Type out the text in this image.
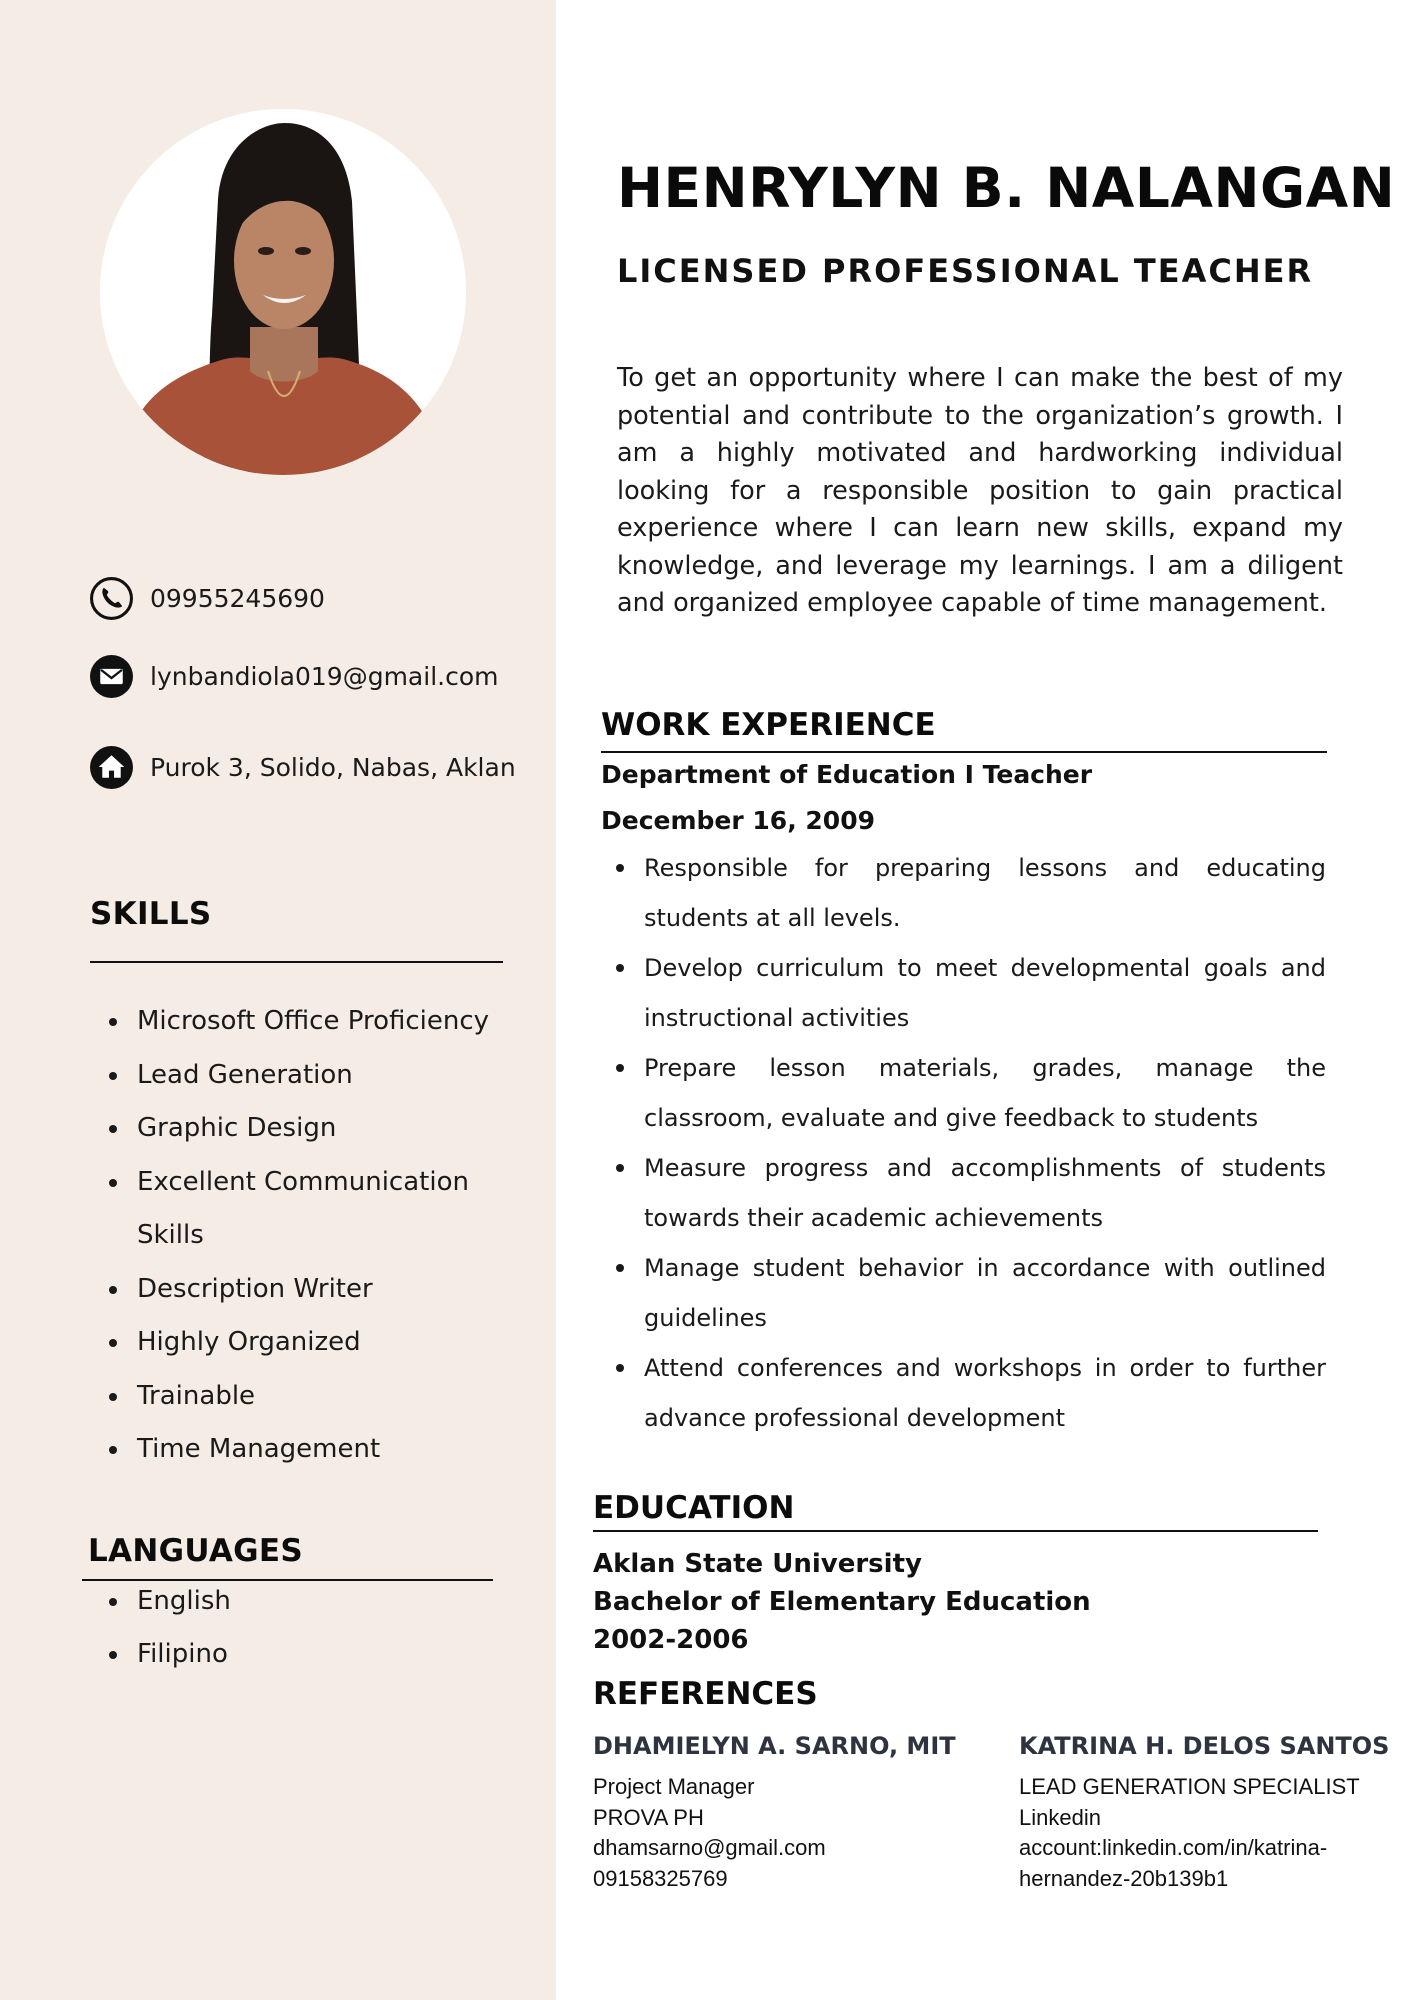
09955245690
lynbandiola019@gmail.com
Purok 3, Solido, Nabas, Aklan
SKILLS
Microsoft Office Proficiency
Lead Generation
Graphic Design
Excellent Communication Skills
Description Writer
Highly Organized
Trainable
Time Management
LANGUAGES
English
Filipino
HENRYLYN B. NALANGAN
LICENSED PROFESSIONAL TEACHER

To get an opportunity where I can make the best of my potential and contribute to the organization’s growth. I am a highly motivated and hardworking individual looking for a responsible position to gain practical experience where I can learn new skills, expand my knowledge, and leverage my learnings. I am a diligent and organized employee capable of time management.

WORK EXPERIENCE
Department of Education I Teacher
December 16, 2009
Responsible for preparing lessons and educating students at all levels.
Develop curriculum to meet developmental goals and instructional activities
Prepare lesson materials, grades, manage the classroom, evaluate and give feedback to students
Measure progress and accomplishments of students towards their academic achievements
Manage student behavior in accordance with outlined guidelines
Attend conferences and workshops in order to further advance professional development
EDUCATION
Aklan State University
Bachelor of Elementary Education
2002-2006
REFERENCES
DHAMIELYN A. SARNO, MIT
Project Manager
PROVA PH
dhamsarno@gmail.com
09158325769
KATRINA H. DELOS SANTOS
LEAD GENERATION SPECIALIST
Linkedin
account:linkedin.com/in/katrina-
hernandez-20b139b1
